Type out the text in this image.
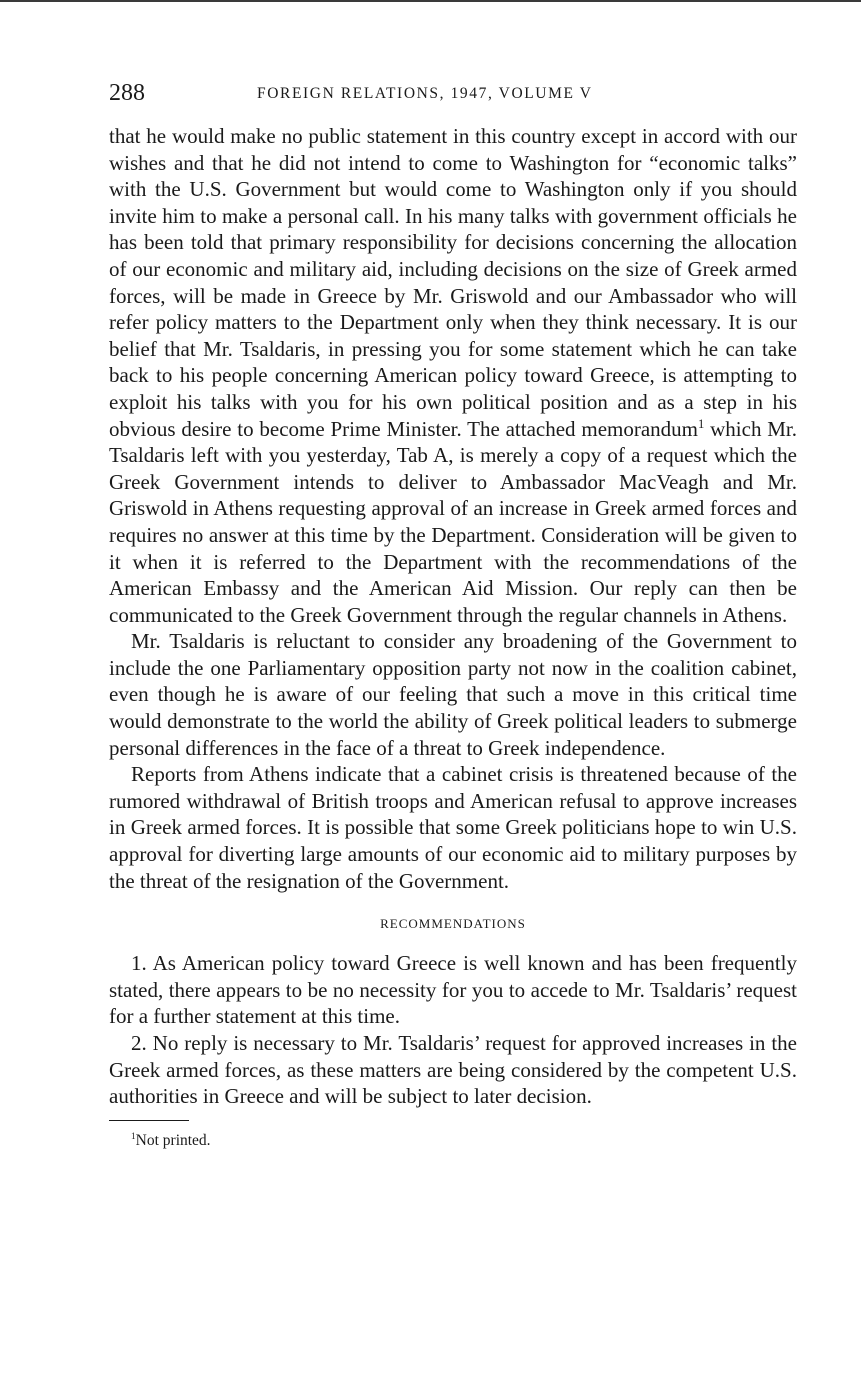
288	FOREIGN RELATIONS, 1947, VOLUME V

that he would make no public statement in this country except in accord with our wishes and that he did not intend to come to Washington for “economic talks” with the U.S. Government but would come to Washington only if you should invite him to make a personal call. In his many talks with government officials he has been told that primary responsibility for decisions concerning the allocation of our economic and military aid, including decisions on the size of Greek armed forces, will be made in Greece by Mr. Griswold and our Ambassador who will refer policy matters to the Department only when they think necessary. It is our belief that Mr. Tsaldaris, in pressing you for some statement which he can take back to his people concerning American policy toward Greece, is attempting to exploit his talks with you for his own political position and as a step in his obvious desire to become Prime Minister. The attached memorandum$^1$ which Mr. Tsaldaris left with you yesterday, Tab A, is merely a copy of a request which the Greek Government intends to deliver to Ambassador MacVeagh and Mr. Griswold in Athens requesting approval of an increase in Greek armed forces and requires no answer at this time by the Department. Consideration will be given to it when it is referred to the Department with the recommendations of the American Embassy and the American Aid Mission. Our reply can then be communicated to the Greek Government through the regular channels in Athens.

Mr. Tsaldaris is reluctant to consider any broadening of the Government to include the one Parliamentary opposition party not now in the coalition cabinet, even though he is aware of our feeling that such a move in this critical time would demonstrate to the world the ability of Greek political leaders to submerge personal differences in the face of a threat to Greek independence.

Reports from Athens indicate that a cabinet crisis is threatened because of the rumored withdrawal of British troops and American refusal to approve increases in Greek armed forces. It is possible that some Greek politicians hope to win U.S. approval for diverting large amounts of our economic aid to military purposes by the threat of the resignation of the Government.

RECOMMENDATIONS

1. As American policy toward Greece is well known and has been frequently stated, there appears to be no necessity for you to accede to Mr. Tsaldaris’ request for a further statement at this time.

2. No reply is necessary to Mr. Tsaldaris’ request for approved increases in the Greek armed forces, as these matters are being considered by the competent U.S. authorities in Greece and will be subject to later decision.

$^1$Not printed.
